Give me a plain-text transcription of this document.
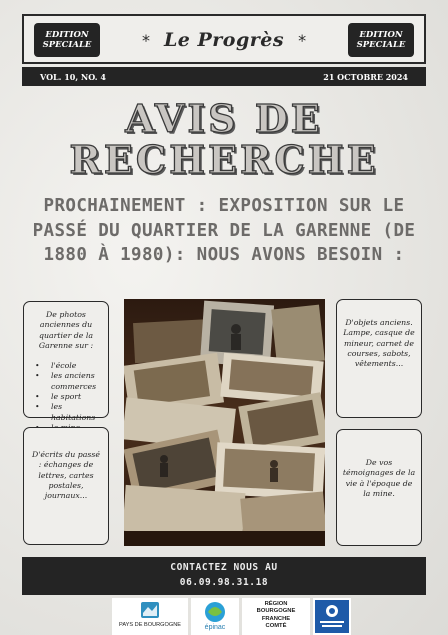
EDITION
SPECIALE	* Le Progrès *	EDITION
SPECIALE
VOL. 10, NO. 4	21 OCTOBRE 2024
AVIS DE
RECHERCHE
PROCHAINEMENT : EXPOSITION SUR LE PASSÉ DU QUARTIER DE LA GARENNE (DE 1880 À 1980): NOUS AVONS BESOIN :
De photos anciennes du quartier de la Garenne sur :
• l'école
• les anciens
commerces
• le sport
• les habitations
•
D'écrits du passé : échanges de lettres, cartes postales, journaux...
D'objets anciens. Lampe, casque de mineur, carnet de courses, sabots, vêtements...
De vos témoignages de la vie à l'époque de la mine.
CONTACTEZ NOUS AU
06.09.98.31.18
PAYS DE BOURGOGNE	épinac
RÉGION
BOURGOGNE
FRANCHE
COMTÉ
